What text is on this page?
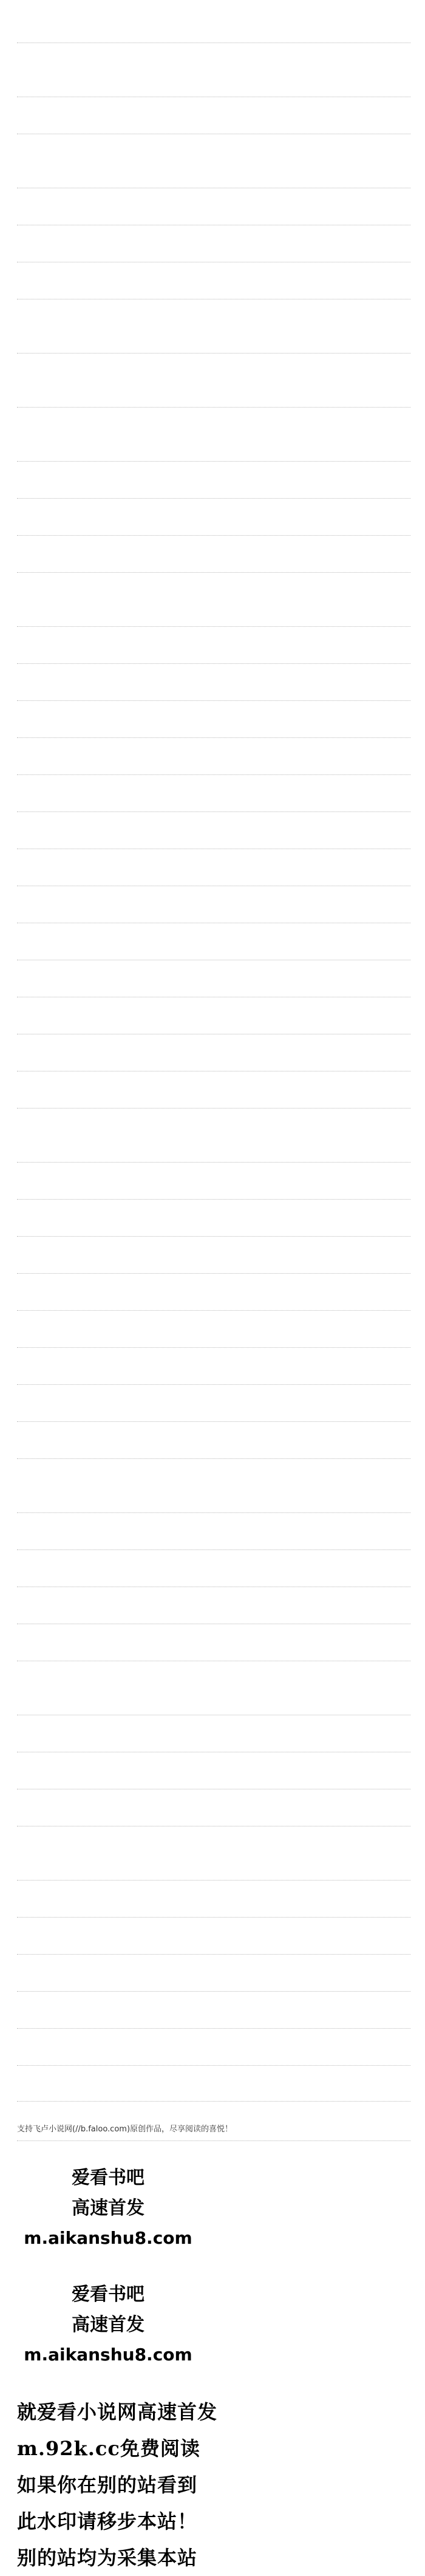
支持飞卢小说网(//b.faloo.com)原创作品，尽享阅读的喜悦！
爱看书吧
高速首发
m.aikanshu8.com
爱看书吧
高速首发
m.aikanshu8.com
就爱看小说网高速首发
m.92k.cc免费阅读
如果你在别的站看到
此水印请移步本站！
别的站均为采集本站
